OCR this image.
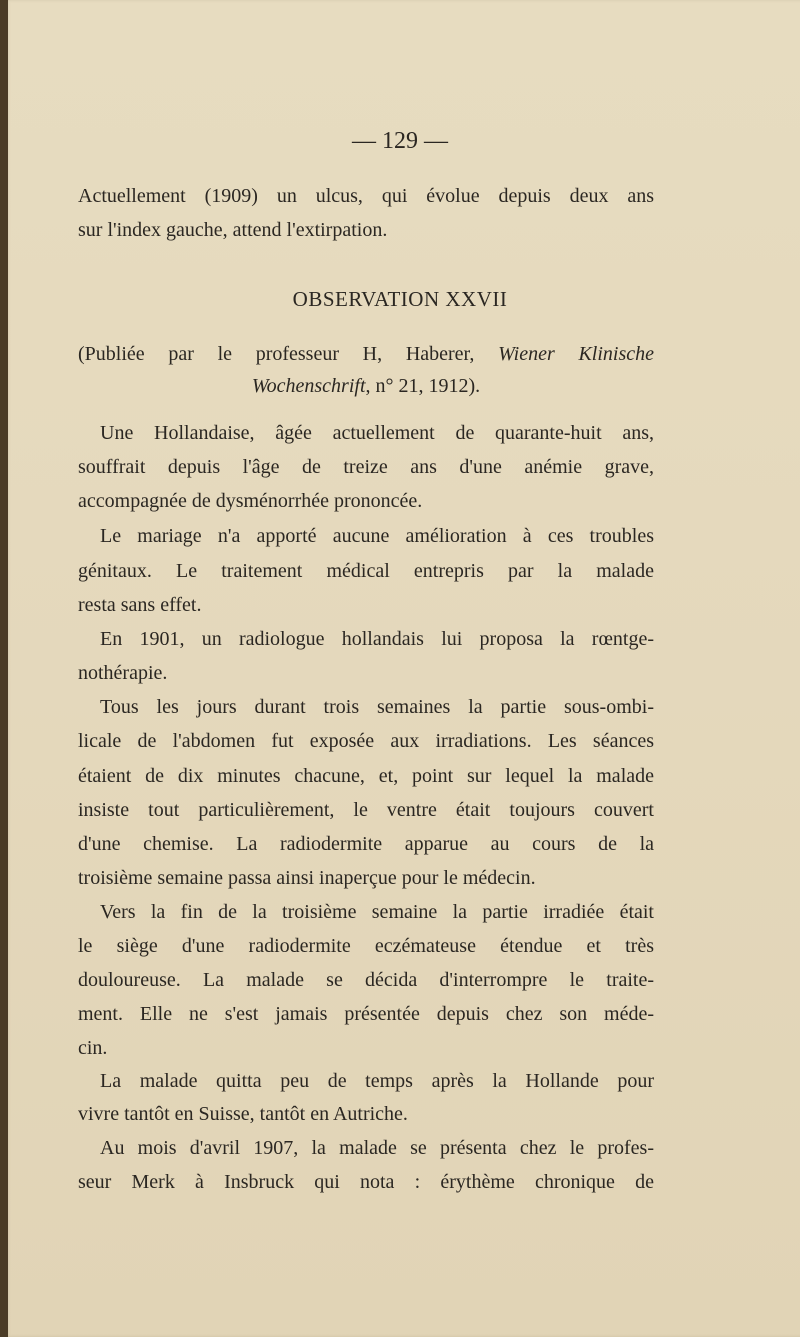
— 129 —
Actuellement (1909) un ulcus, qui évolue depuis deux ans
sur l'index gauche, attend l'extirpation.
OBSERVATION XXVII
(Publiée par le professeur H, Haberer, Wiener Klinische
Wochenschrift, n° 21, 1912).
Une Hollandaise, âgée actuellement de quarante-huit ans,
souffrait depuis l'âge de treize ans d'une anémie grave,
accompagnée de dysménorrhée prononcée.
Le mariage n'a apporté aucune amélioration à ces troubles
génitaux. Le traitement médical entrepris par la malade
resta sans effet.
En 1901, un radiologue hollandais lui proposa la rœntge-
nothérapie.
Tous les jours durant trois semaines la partie sous-ombi-
licale de l'abdomen fut exposée aux irradiations. Les séances
étaient de dix minutes chacune, et, point sur lequel la malade
insiste tout particulièrement, le ventre était toujours couvert
d'une chemise. La radiodermite apparue au cours de la
troisième semaine passa ainsi inaperçue pour le médecin.
Vers la fin de la troisième semaine la partie irradiée était
le siège d'une radiodermite eczémateuse étendue et très
douloureuse. La malade se décida d'interrompre le traite-
ment. Elle ne s'est jamais présentée depuis chez son méde-
cin.
La malade quitta peu de temps après la Hollande pour
vivre tantôt en Suisse, tantôt en Autriche.
Au mois d'avril 1907, la malade se présenta chez le profes-
seur Merk à Insbruck qui nota : érythème chronique de
